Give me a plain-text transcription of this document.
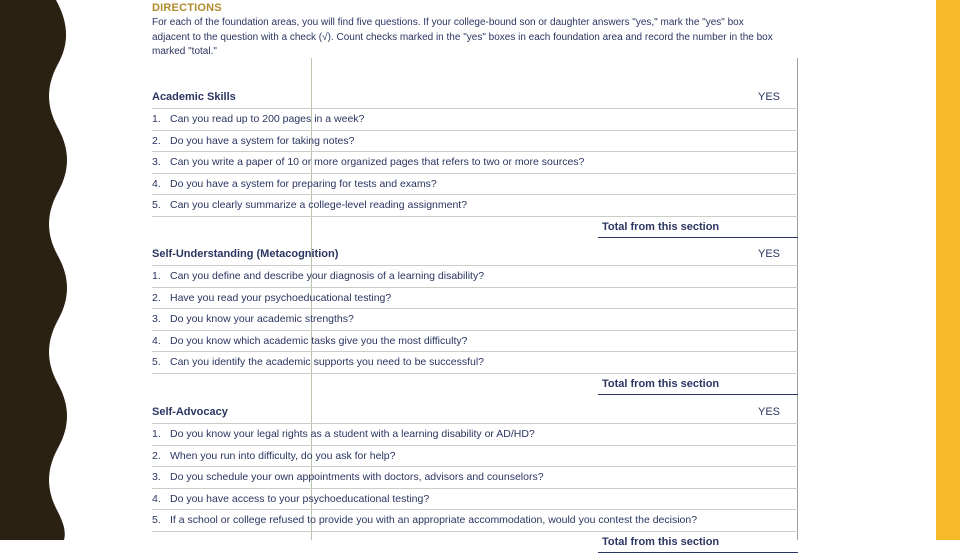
DIRECTIONS
For each of the foundation areas, you will find five questions. If your college-bound son or daughter answers "yes," mark the "yes" box adjacent to the question with a check (√). Count checks marked in the "yes" boxes in each foundation area and record the number in the box marked "total."
Academic Skills	YES
1. Can you read up to 200 pages in a week?
2. Do you have a system for taking notes?
3. Can you write a paper of 10 or more organized pages that refers to two or more sources?
4. Do you have a system for preparing for tests and exams?
5. Can you clearly summarize a college-level reading assignment?
Total from this section
Self-Understanding (Metacognition)	YES
1. Can you define and describe your diagnosis of a learning disability?
2. Have you read your psychoeducational testing?
3. Do you know your academic strengths?
4. Do you know which academic tasks give you the most difficulty?
5. Can you identify the academic supports you need to be successful?
Total from this section
Self-Advocacy	YES
1. Do you know your legal rights as a student with a learning disability or AD/HD?
2. When you run into difficulty, do you ask for help?
3. Do you schedule your own appointments with doctors, advisors and counselors?
4. Do you have access to your psychoeducational testing?
5. If a school or college refused to provide you with an appropriate accommodation, would you contest the decision?
Total from this section
